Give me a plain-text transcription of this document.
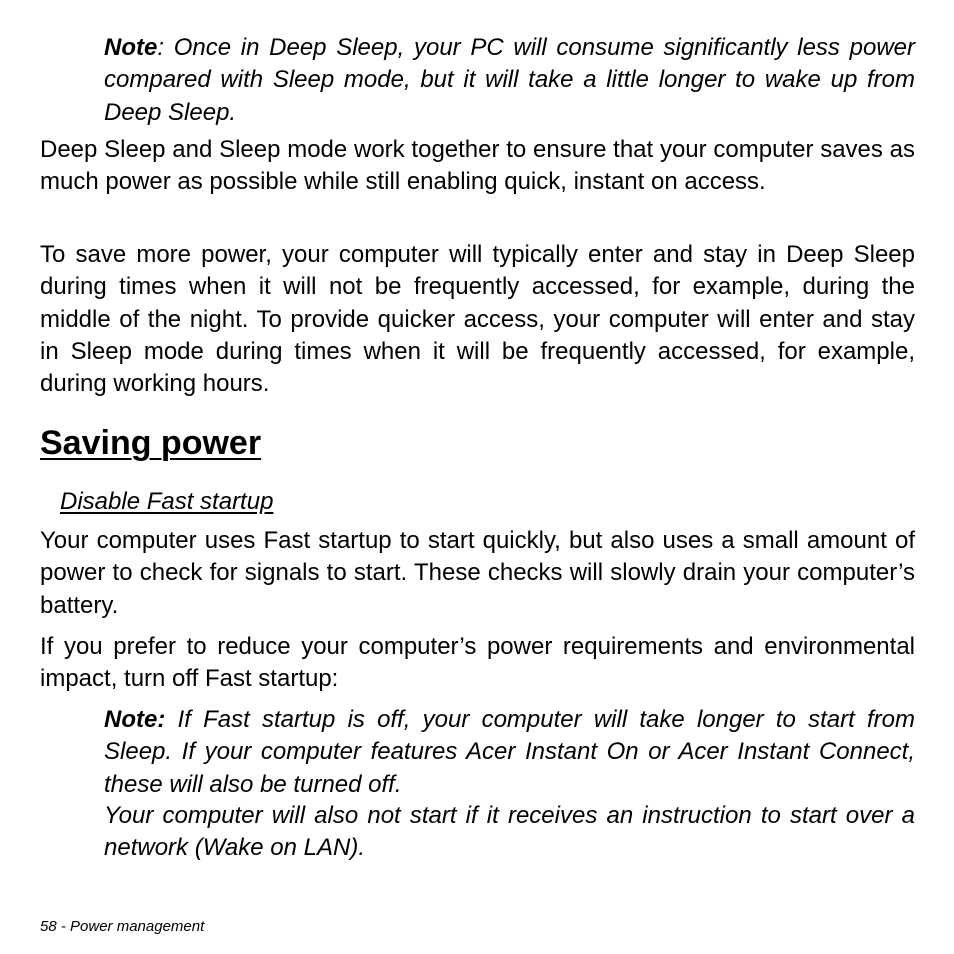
Note: Once in Deep Sleep, your PC will consume significantly less power compared with Sleep mode, but it will take a little longer to wake up from Deep Sleep.

Deep Sleep and Sleep mode work together to ensure that your computer saves as much power as possible while still enabling quick, instant on access.

To save more power, your computer will typically enter and stay in Deep Sleep during times when it will not be frequently accessed, for example, during the middle of the night. To provide quicker access, your computer will enter and stay in Sleep mode during times when it will be frequently accessed, for example, during working hours.

Saving power

Disable Fast startup

Your computer uses Fast startup to start quickly, but also uses a small amount of power to check for signals to start. These checks will slowly drain your computer’s battery.

If you prefer to reduce your computer’s power requirements and environmental impact, turn off Fast startup:

Note: If Fast startup is off, your computer will take longer to start from Sleep. If your computer features Acer Instant On or Acer Instant Connect, these will also be turned off.

Your computer will also not start if it receives an instruction to start over a network (Wake on LAN).

58 - Power management
